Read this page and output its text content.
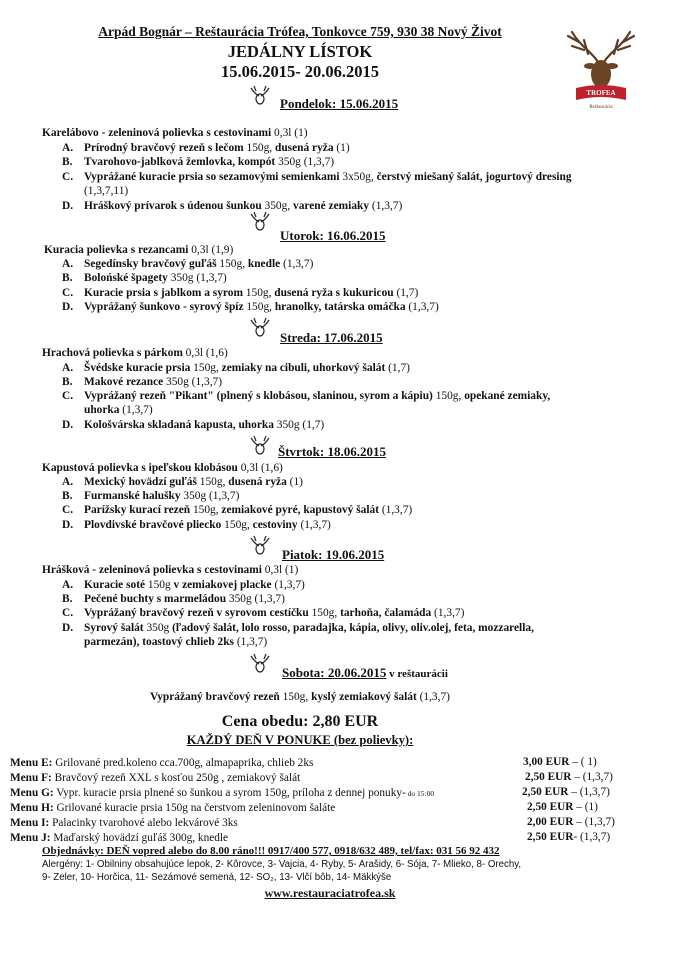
Arpád Bognár – Reštaurácia Trófea, Tonkovce 759, 930 38 Nový Život
JEDÁLNY LÍSTOK
15.06.2015- 20.06.2015
TROFEA
Reštaurácia
Pondelok: 15.06.2015
Karelábovo - zeleninová polievka s cestovinami 0,3l (1)
A. Prírodný bravčový rezeň s lečom 150g, dusená ryža (1)
B. Tvarohovo-jablková žemlovka, kompót 350g (1,3,7)
C. Vyprážané kuracie prsia so sezamovými semienkami 3x50g, čerstvý miešaný šalát, jogurtový dresing
(1,3,7,11)
D. Hráškový prívarok s údenou šunkou 350g, varené zemiaky (1,3,7)
Utorok: 16.06.2015
Kuracia polievka s rezancami 0,3l (1,9)
A. Segedínsky bravčový guľáš 150g, knedle (1,3,7)
B. Bolońské špagety 350g (1,3,7)
C. Kuracie prsia s jablkom a syrom 150g, dusená ryža s kukuricou (1,7)
D. Vyprážaný šunkovo - syrový špíz 150g, hranolky, tatárska omáčka (1,3,7)
Streda: 17.06.2015
Hrachová polievka s párkom 0,3l (1,6)
A. Švédske kuracie prsia 150g, zemiaky na cibuli, uhorkový šalát (1,7)
B. Makové rezance 350g (1,3,7)
C. Vyprážaný rezeň "Pikant" (plnený s klobásou, slaninou, syrom a kápiu) 150g, opekané zemiaky,
uhorka (1,3,7)
D. Kološvárska skladaná kapusta, uhorka 350g (1,7)
Štvrtok: 18.06.2015
Kapustová polievka s ipeľskou klobásou 0,3l (1,6)
A. Mexický hovädzí guľáš 150g, dusená ryža (1)
B. Furmanské halušky 350g (1,3,7)
C. Parížsky kurací rezeň 150g, zemiakové pyré, kapustový šalát (1,3,7)
D. Plovdivské bravčové pliecko 150g, cestoviny (1,3,7)
Piatok: 19.06.2015
Hrášková - zeleninová polievka s cestovinami 0,3l (1)
A. Kuracie soté 150g v zemiakovej placke (1,3,7)
B. Pečené buchty s marmeládou 350g (1,3,7)
C. Vyprážaný bravčový rezeň v syrovom cestíčku 150g, tarhoňa, čalamáda (1,3,7)
D. Syrový šalát 350g (ľadový šalát, lolo rosso, paradajka, kápia, olivy, oliv.olej, feta, mozzarella,
parmezán), toastový chlieb 2ks (1,3,7)
Sobota: 20.06.2015 v reštaurácii
Vyprážaný bravčový rezeň 150g, kyslý zemiakový šalát (1,3,7)
Cena obedu: 2,80 EUR
KAŽDÝ DEŇ V PONUKE (bez polievky):
Menu E: Grilované pred.koleno cca.700g, almapaprika, chlieb 2ks	3,00 EUR – ( 1)
Menu F: Bravčový rezeň XXL s kosťou 250g , zemiakový šalát	2,50 EUR – (1,3,7)
Menu G: Vypr. kuracie prsia plnené so šunkou a syrom 150g, príloha z dennej ponuky- do 15:00	2,50 EUR – (1,3,7)
Menu H: Grilované kuracie prsia 150g na čerstvom zeleninovom šaláte	2,50 EUR – (1)
Menu I: Palacinky tvarohové alebo lekvárové 3ks	2,00 EUR – (1,3,7)
Menu J: Maďarský hovädzí guľáš 300g, knedle	2,50 EUR- (1,3,7)
Objednávky: DEŇ vopred alebo do 8.00 ráno!!! 0917/400 577, 0918/632 489, tel/fax: 031 56 92 432
Alergény: 1- Obilniny obsahujúce lepok, 2- Kôrovce, 3- Vajcia, 4- Ryby, 5- Arašidy, 6- Sója, 7- Mlieko, 8- Orechy,
9- Zeler, 10- Horčica, 11- Sezámové semená, 12- SO₂, 13- Vlčí bôb, 14- Mäkkýše
www.restauraciatrofea.sk
